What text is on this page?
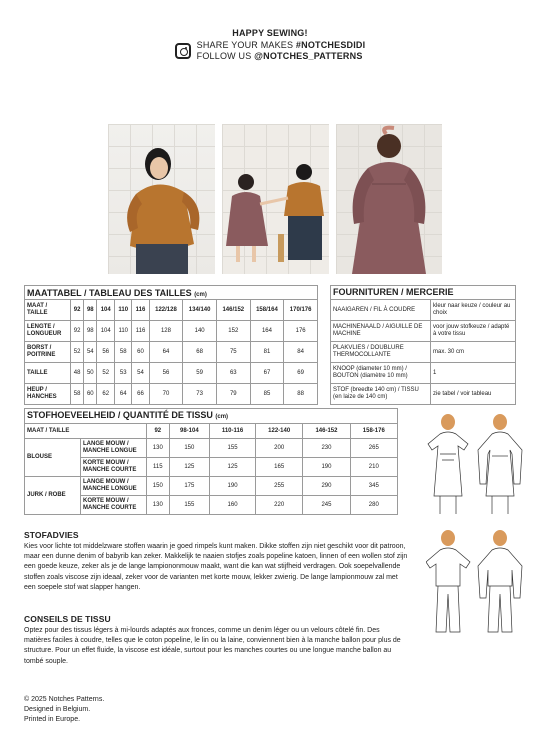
HAPPY SEWING!
SHARE YOUR MAKES #NOTCHESDIDI
FOLLOW US @NOTCHES_PATTERNS
MAATTABEL / TABLEAU DES TAILLES (cm)										
MAAT / TAILLE	92	98	104	110	116	122/128	134/140	146/152	158/164	170/176
LENGTE / LONGUEUR	92	98	104	110	116	128	140	152	164	176
BORST / POITRINE	52	54	56	58	60	64	68	75	81	84
TAILLE	48	50	52	53	54	56	59	63	67	69
HEUP / HANCHES	58	60	62	64	66	70	73	79	85	88
FOURNITUREN / MERCERIE	
NAAIGAREN / FIL À COUDRE	kleur naar keuze / couleur au choix
MACHINENAALD / AIGUILLE DE MACHINE	voor jouw stofkeuze / adapté à votre tissu
PLAKVLIES / DOUBLURE THERMOCOLLANTE	max. 30 cm
KNOOP (diameter 10 mm) / BOUTON (diamètre 10 mm)	1
STOF (breedte 140 cm) / TISSU (en laize de 140 cm)	zie tabel / voir tableau
STOFHOEVEELHEID / QUANTITÉ DE TISSU (cm)							
MAAT / TAILLE		92	98-104	110-116	122-140	146-152	158-176
BLOUSE	LANGE MOUW / MANCHE LONGUE	130	150	155	200	230	265
	KORTE MOUW / MANCHE COURTE	115	125	125	165	190	210
JURK / ROBE	LANGE MOUW / MANCHE LONGUE	150	175	190	255	290	345
	KORTE MOUW / MANCHE COURTE	130	155	160	220	245	280
STOFADVIES

Kies voor lichte tot middelzware stoffen waarin je goed rimpels kunt maken. Dikke stoffen zijn niet geschikt voor dit patroon, maar een dunne denim of babyrib kan zeker. Makkelijk te naaien stofjes zoals popeline katoen, linnen of een wollen stof zijn een goede keuze, zeker als je de lange lampiononmouw maakt, want die kan wat stijfheid verdragen. Ook soepelvallende stoffen zoals viscose zijn ideaal, zeker voor de varianten met korte mouw, lekker zwierig. De lange lampionmouw zal met een soepele stof wat slapper hangen.

CONSEILS DE TISSU

Optez pour des tissus légers à mi-lourds adaptés aux fronces, comme un denim léger ou un velours côtelé fin. Des matières faciles à coudre, telles que le coton popeline, le lin ou la laine, conviennent bien à la manche ballon pour plus de structure. Pour un effet fluide, la viscose est idéale, surtout pour les manches courtes ou une longue manche ballon au tombé souple.

© 2025 Notches Patterns.
Designed in Belgium.
Printed in Europe.
